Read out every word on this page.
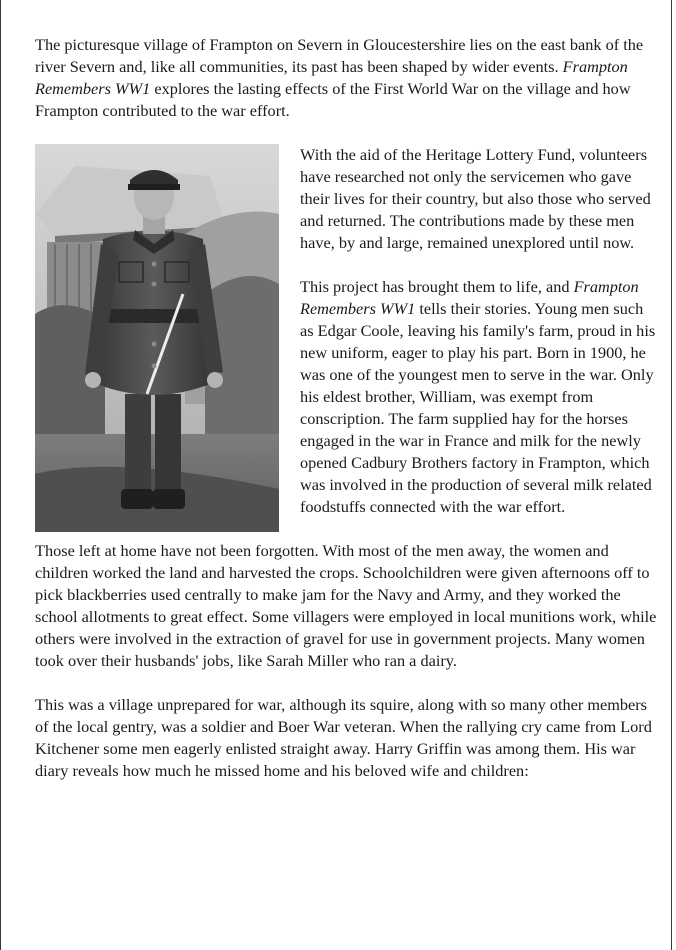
The picturesque village of Frampton on Severn in Gloucestershire lies on the east bank of the river Severn and, like all communities, its past has been shaped by wider events. Frampton Remembers WW1 explores the lasting effects of the First World War on the village and how Frampton contributed to the war effort.

With the aid of the Heritage Lottery Fund, volunteers have researched not only the servicemen who gave their lives for their country, but also those who served and returned. The contributions made by these men have, by and large, remained unexplored until now.

This project has brought them to life, and Frampton Remembers WW1 tells their stories. Young men such as Edgar Coole, leaving his family's farm, proud in his new uniform, eager to play his part. Born in 1900, he was one of the youngest men to serve in the war. Only his eldest brother, William, was exempt from conscription. The farm supplied hay for the horses engaged in the war in France and milk for the newly opened Cadbury Brothers factory in Frampton, which was involved in the production of several milk related foodstuffs connected with the war effort.

Those left at home have not been forgotten. With most of the men away, the women and children worked the land and harvested the crops. Schoolchildren were given afternoons off to pick blackberries used centrally to make jam for the Navy and Army, and they worked the school allotments to great effect. Some villagers were employed in local munitions work, while others were involved in the extraction of gravel for use in government projects. Many women took over their husbands' jobs, like Sarah Miller who ran a dairy.

This was a village unprepared for war, although its squire, along with so many other members of the local gentry, was a soldier and Boer War veteran. When the rallying cry came from Lord Kitchener some men eagerly enlisted straight away. Harry Griffin was among them. His war diary reveals how much he missed home and his beloved wife and children:
